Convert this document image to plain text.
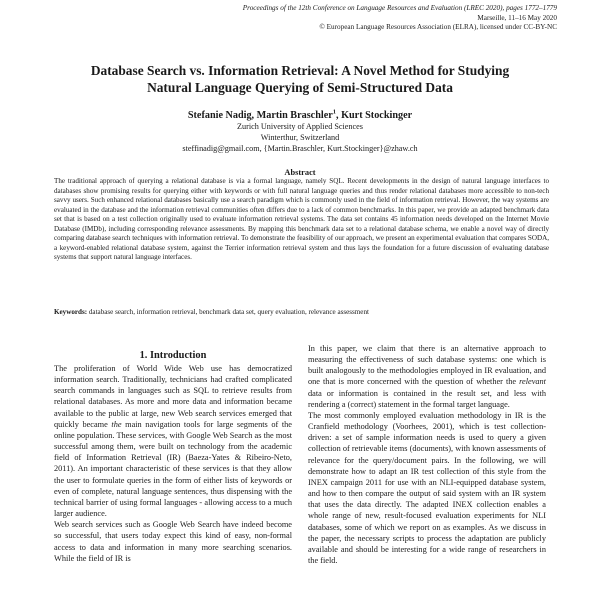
Proceedings of the 12th Conference on Language Resources and Evaluation (LREC 2020), pages 1772–1779
Marseille, 11–16 May 2020
© European Language Resources Association (ELRA), licensed under CC-BY-NC
Database Search vs. Information Retrieval: A Novel Method for Studying
Natural Language Querying of Semi-Structured Data
Stefanie Nadig, Martin Braschler$^1$, Kurt Stockinger
Zurich University of Applied Sciences
Winterthur, Switzerland
steffinadig@gmail.com, {Martin.Braschler, Kurt.Stockinger}@zhaw.ch
Abstract
The traditional approach of querying a relational database is via a formal language, namely SQL. Recent developments in the design of natural language interfaces to databases show promising results for querying either with keywords or with full natural language queries and thus render relational databases more accessible to non-tech savvy users. Such enhanced relational databases basically use a search paradigm which is commonly used in the field of information retrieval. However, the way systems are evaluated in the database and the information retrieval communities often differs due to a lack of common benchmarks. In this paper, we provide an adapted benchmark data set that is based on a test collection originally used to evaluate information retrieval systems. The data set contains 45 information needs developed on the Internet Movie Database (IMDb), including corresponding relevance assessments. By mapping this benchmark data set to a relational database schema, we enable a novel way of directly comparing database search techniques with information retrieval. To demonstrate the feasibility of our approach, we present an experimental evaluation that compares SODA, a keyword-enabled relational database system, against the Terrier information retrieval system and thus lays the foundation for a future discussion of evaluating database systems that support natural language interfaces.
Keywords: database search, information retrieval, benchmark data set, query evaluation, relevance assessment
1. Introduction

The proliferation of World Wide Web use has democratized information search. Traditionally, technicians had crafted complicated search commands in languages such as SQL to retrieve results from relational databases. As more and more data and information became available to the public at large, new Web search services emerged that quickly became the main navigation tools for large segments of the online population. These services, with Google Web Search as the most successful among them, were built on technology from the academic field of Information Retrieval (IR) (Baeza-Yates & Ribeiro-Neto, 2011). An important characteristic of these services is that they allow the user to formulate queries in the form of either lists of keywords or even of complete, natural language sentences, thus dispensing with the technical barrier of using formal languages - allowing access to a much larger audience.

Web search services such as Google Web Search have indeed become so successful, that users today expect this kind of easy, non-formal access to data and information in many more searching scenarios. While the field of IR is

In this paper, we claim that there is an alternative approach to measuring the effectiveness of such database systems: one which is built analogously to the methodologies employed in IR evaluation, and one that is more concerned with the question of whether the relevant data or information is contained in the result set, and less with rendering a (correct) statement in the formal target language.

The most commonly employed evaluation methodology in IR is the Cranfield methodology (Voorhees, 2001), which is test collection-driven: a set of sample information needs is used to query a given collection of retrievable items (documents), with known assessments of relevance for the query/document pairs. In the following, we will demonstrate how to adapt an IR test collection of this style from the INEX campaign 2011 for use with an NLI-equipped database system, and how to then compare the output of said system with an IR system that uses the data directly. The adapted INEX collection enables a whole range of new, result-focused evaluation experiments for NLI databases, some of which we report on as examples. As we discuss in the paper, the necessary scripts to process the adaptation are publicly available and should be interesting for a wide range of researchers in the field.
